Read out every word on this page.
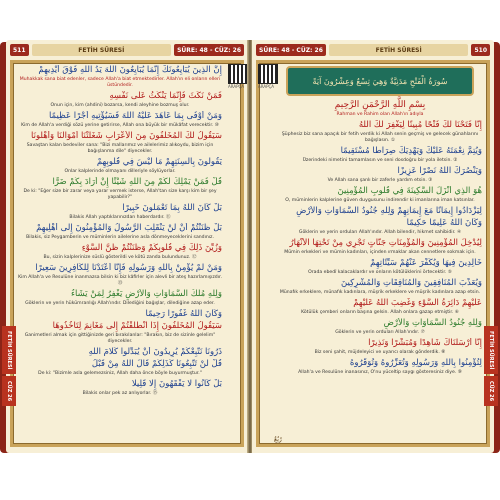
511	FETİH SÛRESİ	SÛRE: 48 - CÜZ: 26
ARAPÇA
إِنَّ الَّذِينَ يُبَايِعُونَكَ إِنَّمَا يُبَايِعُونَ اللَّهَ يَدُ اللَّهِ فَوْقَ أَيْدِيهِمْ
Muhakkak sana biat edenler, sadece Allah'a biat etmektedirler. Allah'ın eli onların elleri üstündedir.
فَمَنْ نَكَثَ فَإِنَّمَا يَنْكُثُ عَلَى نَفْسِهِ
Onun için, kim (ahdini) bozarsa, kendi aleyhine bozmuş olur.
وَمَنْ أَوْفَى بِمَا عَاهَدَ عَلَيْهُ اللَّهَ فَسَيُؤْتِيهِ أَجْرًا عَظِيمًا
Kim de Allah'a verdiği sözü yerine getirirse, Allah ona büyük bir mükâfat verecektir. ⑩
سَيَقُولُ لَكَ الْمُخَلَّفُونَ مِنَ الْأَعْرَابِ شَغَلَتْنَا أَمْوَالُنَا وَأَهْلُونَا
Savaştan kalan bedeviler sana: "Bizi mallarımız ve ailelerimiz alıkoydu, bizim için bağışlanma dile" diyecekler.
يَقُولُونَ بِأَلْسِنَتِهِمْ مَا لَيْسَ فِي قُلُوبِهِمْ
Onlar kalplerinde olmayanı dilleriyle söylüyorlar.
قُلْ فَمَنْ يَمْلِكُ لَكُمْ مِنَ اللَّهِ شَيْئًا إِنْ أَرَادَ بِكُمْ ضَرًّا
De ki: "Eğer size bir zarar veya yarar vermek isterse, Allah'tan size karşı kim bir şey yapabilir?"
بَلْ كَانَ اللَّهُ بِمَا تَعْمَلُونَ خَبِيرًا
Bilakis Allah yaptıklarınızdan haberdardır. ⑪
بَلْ ظَنَنْتُمْ أَنْ لَنْ يَنْقَلِبَ الرَّسُولُ وَالْمُؤْمِنُونَ إِلَى أَهْلِيهِمْ
Bilakis, siz Peygamberin ve müminlerin ailelerine asla dönmeyeceklerini sandınız.
وَزُيِّنَ ذَلِكَ فِي قُلُوبِكُمْ وَظَنَنْتُمْ ظَنَّ السَّوْءِ
Bu, sizin kalplerinize süslü gösterildi ve kötü zanda bulundunuz. ⑫
وَمَنْ لَمْ يُؤْمِنْ بِاللَّهِ وَرَسُولِهِ فَإِنَّا أَعْتَدْنَا لِلْكَافِرِينَ سَعِيرًا
Kim Allah'a ve Resulüne inanmazsa bilsin ki biz kâfirler için alevli bir ateş hazırlamışızdır. ⑬
وَلِلَّهِ مُلْكُ السَّمَاوَاتِ وَالْأَرْضِ يَغْفِرُ لِمَنْ يَشَاءُ
Göklerin ve yerin hükümranlığı Allah'ındır. Dilediğini bağışlar, dilediğine azap eder.
وَكَانَ اللَّهُ غَفُورًا رَحِيمًا
سَيَقُولُ الْمُخَلَّفُونَ إِذَا انْطَلَقْتُمْ إِلَى مَغَانِمَ لِتَأْخُذُوهَا
Ganimetleri almak için gittiğinizde geri bırakılanlar: "Bırakın, biz de sizinle gelelim" diyecekler.
ذَرُونَا نَتَّبِعْكُمْ يُرِيدُونَ أَنْ يُبَدِّلُوا كَلَامَ اللَّهِ
قُلْ لَنْ تَتَّبِعُونَا كَذَلِكُمْ قَالَ اللَّهُ مِنْ قَبْلُ
De ki: "Bizimle asla gelemezsiniz, Allah daha önce böyle buyurmuştur."
بَلْ كَانُوا لَا يَفْقَهُونَ إِلَّا قَلِيلًا
Bilakis onlar pek az anlıyorlar. ⑮
SÛRE: 48 - CÜZ: 26	FETİH SÛRESİ	510
ARAPÇA
سُورَةُ الْفَتْحِ مَدَنِيَّةٌ وَهِيَ تِسْعٌ وَعِشْرُونَ آيَةً
بِسْمِ اللَّهِ الرَّحْمَنِ الرَّحِيمِ
Rahman ve Rahim olan Allah'ın adıyla
إِنَّا فَتَحْنَا لَكَ فَتْحًا مُبِينًا لِيَغْفِرَ لَكَ اللَّهُ
Şüphesiz biz sana apaçık bir fetih verdik ki Allah senin geçmiş ve gelecek günahlarını bağışlasın. ①
وَيُتِمَّ نِعْمَتَهُ عَلَيْكَ وَيَهْدِيَكَ صِرَاطًا مُسْتَقِيمًا
Üzerindeki nimetini tamamlasın ve seni dosdoğru bir yola iletsin. ②
وَيَنْصُرَكَ اللَّهُ نَصْرًا عَزِيزًا
Ve Allah sana şanlı bir zaferle yardım etsin. ③
هُوَ الَّذِي أَنْزَلَ السَّكِينَةَ فِي قُلُوبِ الْمُؤْمِنِينَ
O, müminlerin kalplerine güven duygusunu indirendir ki imanlarına iman katsınlar.
لِيَزْدَادُوا إِيمَانًا مَعَ إِيمَانِهِمْ وَلِلَّهِ جُنُودُ السَّمَاوَاتِ وَالْأَرْضِ
وَكَانَ اللَّهُ عَلِيمًا حَكِيمًا
Göklerin ve yerin orduları Allah'ındır. Allah bilendir, hikmet sahibidir. ④
لِيُدْخِلَ الْمُؤْمِنِينَ وَالْمُؤْمِنَاتِ جَنَّاتٍ تَجْرِي مِنْ تَحْتِهَا الْأَنْهَارُ
Mümin erkekleri ve mümin kadınları, içinden ırmaklar akan cennetlere sokmak için.
خَالِدِينَ فِيهَا وَيُكَفِّرَ عَنْهُمْ سَيِّئَاتِهِمْ
Orada ebedî kalacaklardır ve onların kötülüklerini örtecektir. ⑤
وَيُعَذِّبَ الْمُنَافِقِينَ وَالْمُنَافِقَاتِ وَالْمُشْرِكِينَ
Münafık erkeklere, münafık kadınlara, müşrik erkeklere ve müşrik kadınlara azap etsin.
عَلَيْهِمْ دَائِرَةُ السَّوْءِ وَغَضِبَ اللَّهُ عَلَيْهِمْ
Kötülük çemberi onların başına gelsin. Allah onlara gazap etmiştir. ⑥
وَلِلَّهِ جُنُودُ السَّمَاوَاتِ وَالْأَرْضِ
Göklerin ve yerin orduları Allah'ındır. ⑦
إِنَّا أَرْسَلْنَاكَ شَاهِدًا وَمُبَشِّرًا وَنَذِيرًا
Biz seni şahit, müjdeleyici ve uyarıcı olarak gönderdik. ⑧
لِتُؤْمِنُوا بِاللَّهِ وَرَسُولِهِ وَتُعَزِّرُوهُ وَتُوَقِّرُوهُ
Allah'a ve Resulüne inanasınız, O'nu yüceltip saygı gösteresiniz diye. ⑨
رُبُعٌ
FETİH SÛRESİ
CÜZ 26
FETİH SÛRESİ
CÜZ 26
